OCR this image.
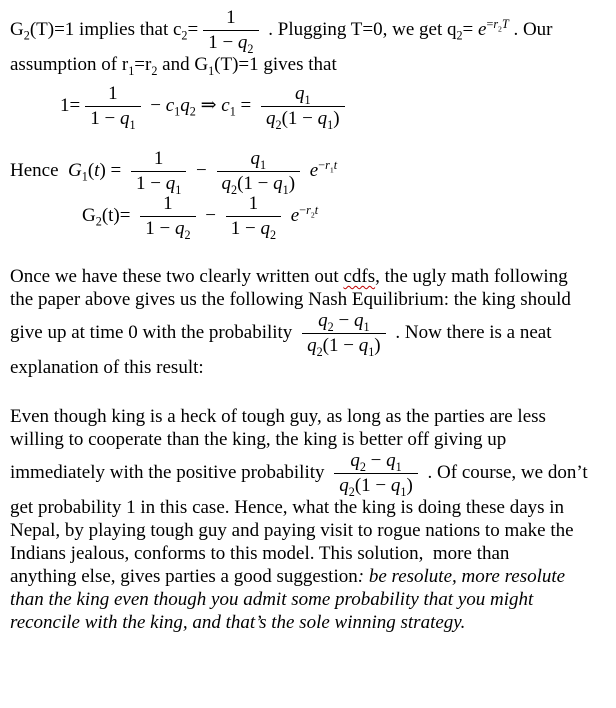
$G_2(T)=1$ implies that $c_2= \frac{1}{1 - q_2}$ . Plugging T=0, we get $q_2= e^{=r_2T}$ . Our
assumption of $r_1=r_2$ and $G_1(T)=1$ gives that
$1= \frac{1}{1 - q_1} - c_1q_2$ ⇒ $c_1 = \frac{q_1}{q_2(1 - q_1)}$
Hence  $G_1(t) = \frac{1}{1 - q_1} - \frac{q_1}{q_2(1 - q_1)} e^{-r_1t}$
$G_2(t)= \frac{1}{1 - q_2} - \frac{1}{1 - q_2} e^{-r_2t}$
Once we have these two clearly written out cdfs, the ugly math following
the paper above gives us the following Nash Equilibrium: the king should
give up at time 0 with the probability $\frac{q_2 - q_1}{q_2(1 - q_1)}$ . Now there is a neat
explanation of this result:
Even though king is a heck of tough guy, as long as the parties are less
willing to cooperate than the king, the king is better off giving up
immediately with the positive probability $\frac{q_2 - q_1}{q_2(1 - q_1)}$ . Of course, we don’t
get probability 1 in this case. Hence, what the king is doing these days in
Nepal, by playing tough guy and paying visit to rogue nations to make the
Indians jealous, conforms to this model. This solution,  more than
anything else, gives parties a good suggestion: be resolute, more resolute
than the king even though you admit some probability that you might
reconcile with the king, and that’s the sole winning strategy.
